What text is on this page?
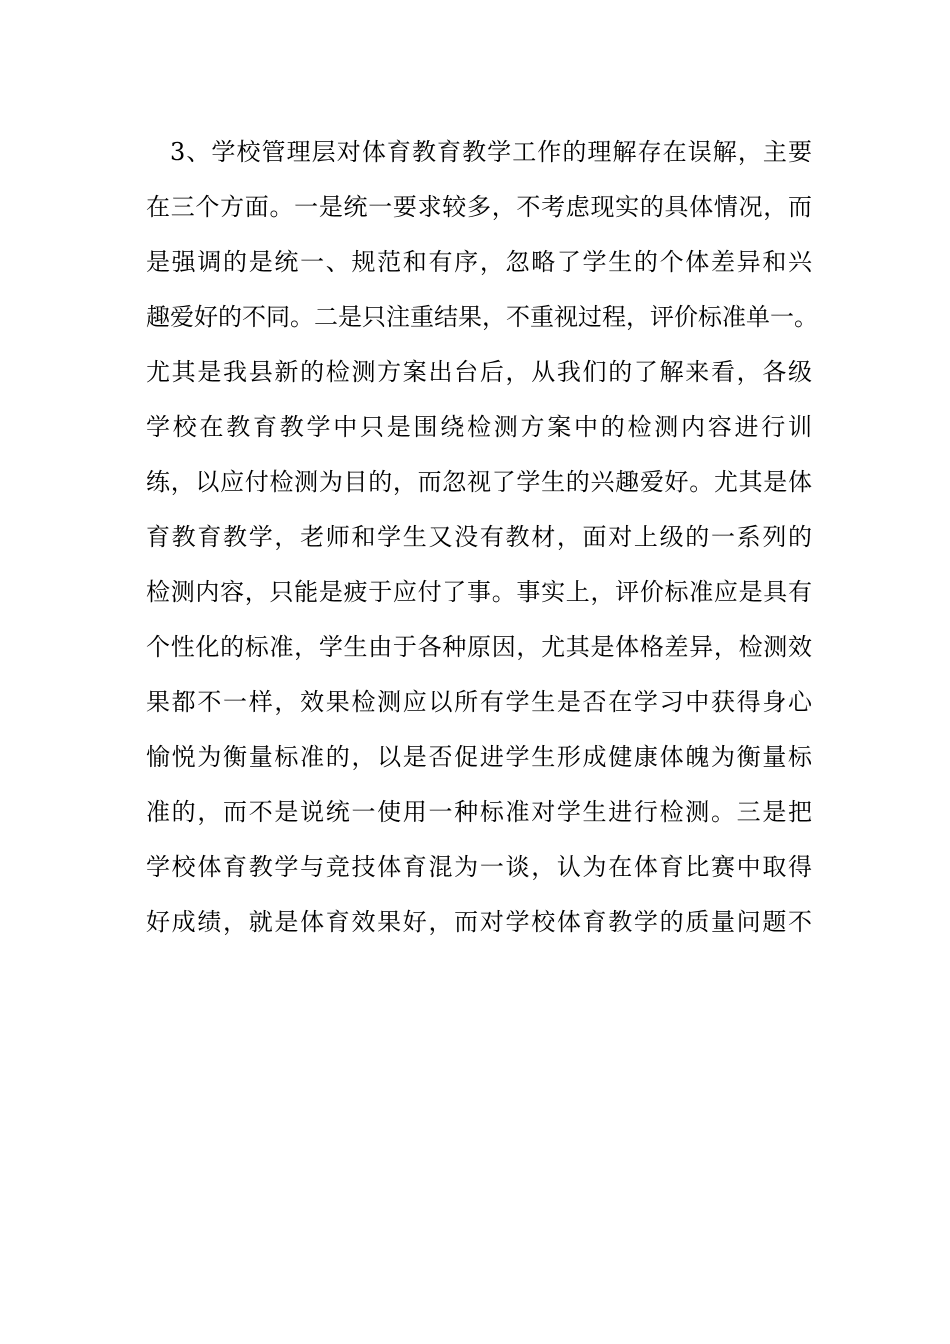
3、学校管理层对体育教育教学工作的理解存在误解，主要
在三个方面。一是统一要求较多，不考虑现实的具体情况，而
是强调的是统一、规范和有序，忽略了学生的个体差异和兴
趣爱好的不同。二是只注重结果，不重视过程，评价标准单一。
尤其是我县新的检测方案出台后，从我们的了解来看，各级
学校在教育教学中只是围绕检测方案中的检测内容进行训
练，以应付检测为目的，而忽视了学生的兴趣爱好。尤其是体
育教育教学，老师和学生又没有教材，面对上级的一系列的
检测内容，只能是疲于应付了事。事实上，评价标准应是具有
个性化的标准，学生由于各种原因，尤其是体格差异，检测效
果都不一样，效果检测应以所有学生是否在学习中获得身心
愉悦为衡量标准的，以是否促进学生形成健康体魄为衡量标
准的，而不是说统一使用一种标准对学生进行检测。三是把
学校体育教学与竞技体育混为一谈，认为在体育比赛中取得
好成绩，就是体育效果好，而对学校体育教学的质量问题不
